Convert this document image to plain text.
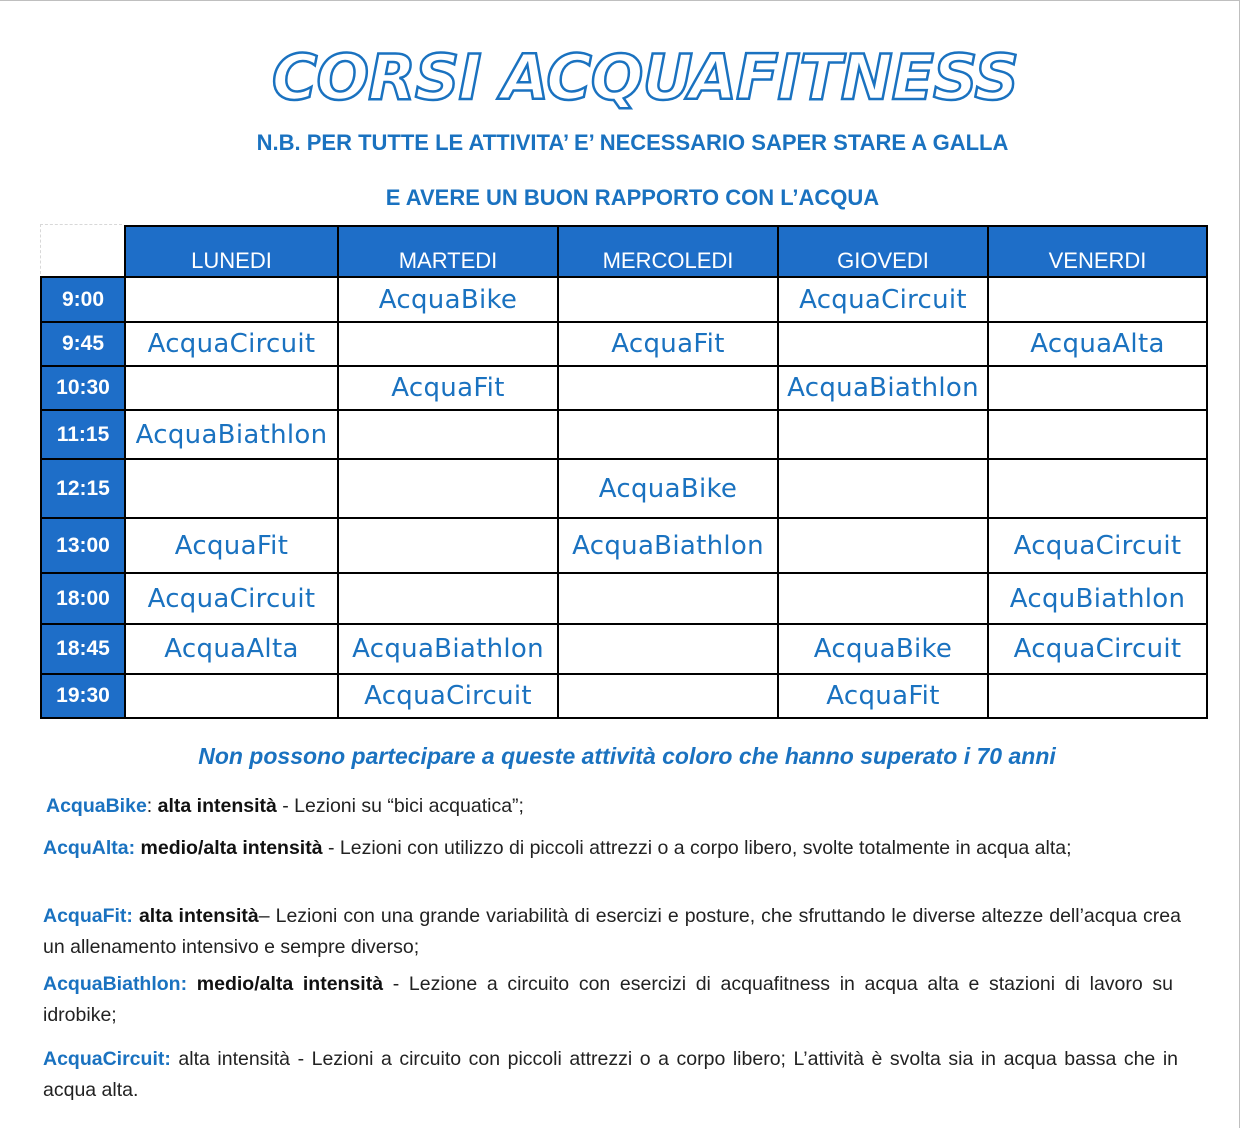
CORSI ACQUAFITNESS
N.B. PER TUTTE LE ATTIVITA’ E’ NECESSARIO SAPER STARE A GALLA
E AVERE UN BUON RAPPORTO CON L’ACQUA
	LUNEDI	MARTEDI	MERCOLEDI	GIOVEDI	VENERDI
9:00		AcquaBike		AcquaCircuit	
9:45	AcquaCircuit		AcquaFit		AcquaAlta
10:30		AcquaFit		AcquaBiathlon	
11:15	AcquaBiathlon				
12:15			AcquaBike		
13:00	AcquaFit		AcquaBiathlon		AcquaCircuit
18:00	AcquaCircuit				AcquBiathlon
18:45	AcquaAlta	AcquaBiathlon		AcquaBike	AcquaCircuit
19:30		AcquaCircuit		AcquaFit	
Non possono partecipare a queste attività coloro che hanno superato i 70 anni
AcquaBike: alta intensità - Lezioni su “bici acquatica”;
AcquAlta: medio/alta intensità - Lezioni con utilizzo di piccoli attrezzi o a corpo libero, svolte totalmente in acqua alta;
AcquaFit: alta intensità– Lezioni con una grande variabilità di esercizi e posture, che sfruttando le diverse altezze dell’acqua crea un allenamento intensivo e sempre diverso;
AcquaBiathlon: medio/alta intensità - Lezione a circuito con esercizi di acquafitness in acqua alta e stazioni di lavoro su idrobike;
AcquaCircuit: alta intensità - Lezioni a circuito con piccoli attrezzi o a corpo libero; L’attività è svolta sia in acqua bassa che in acqua alta.
